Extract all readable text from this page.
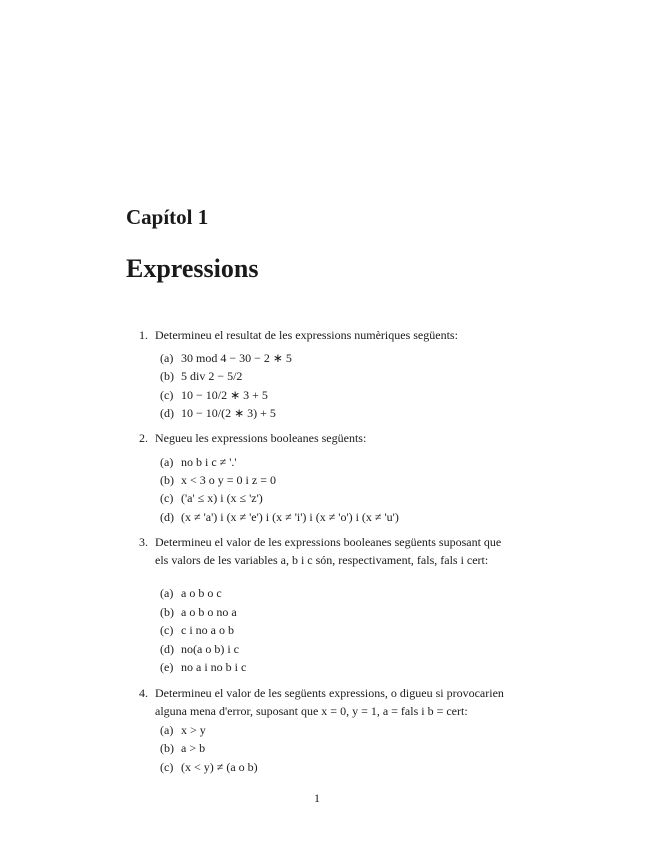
Capítol 1
Expressions
1. Determineu el resultat de les expressions numèriques següents:
(a) 30 mod 4 − 30 − 2 ∗ 5
(b) 5 div 2 − 5/2
(c) 10 − 10/2 ∗ 3 + 5
(d) 10 − 10/(2 ∗ 3) + 5
2. Negueu les expressions booleanes següents:
(a) no b i c ≠ '.'
(b) x < 3 o y = 0 i z = 0
(c) ('a' ≤ x) i (x ≤ 'z')
(d) (x ≠ 'a') i (x ≠ 'e') i (x ≠ 'i') i (x ≠ 'o') i (x ≠ 'u')
3. Determineu el valor de les expressions booleanes següents suposant que els valors de les variables a, b i c són, respectivament, fals, fals i cert:
(a) a o b o c
(b) a o b o no a
(c) c i no a o b
(d) no(a o b) i c
(e) no a i no b i c
4. Determineu el valor de les següents expressions, o digueu si provocarien alguna mena d'error, suposant que x = 0, y = 1, a = fals i b = cert:
(a) x > y
(b) a > b
(c) (x < y) ≠ (a o b)
1
